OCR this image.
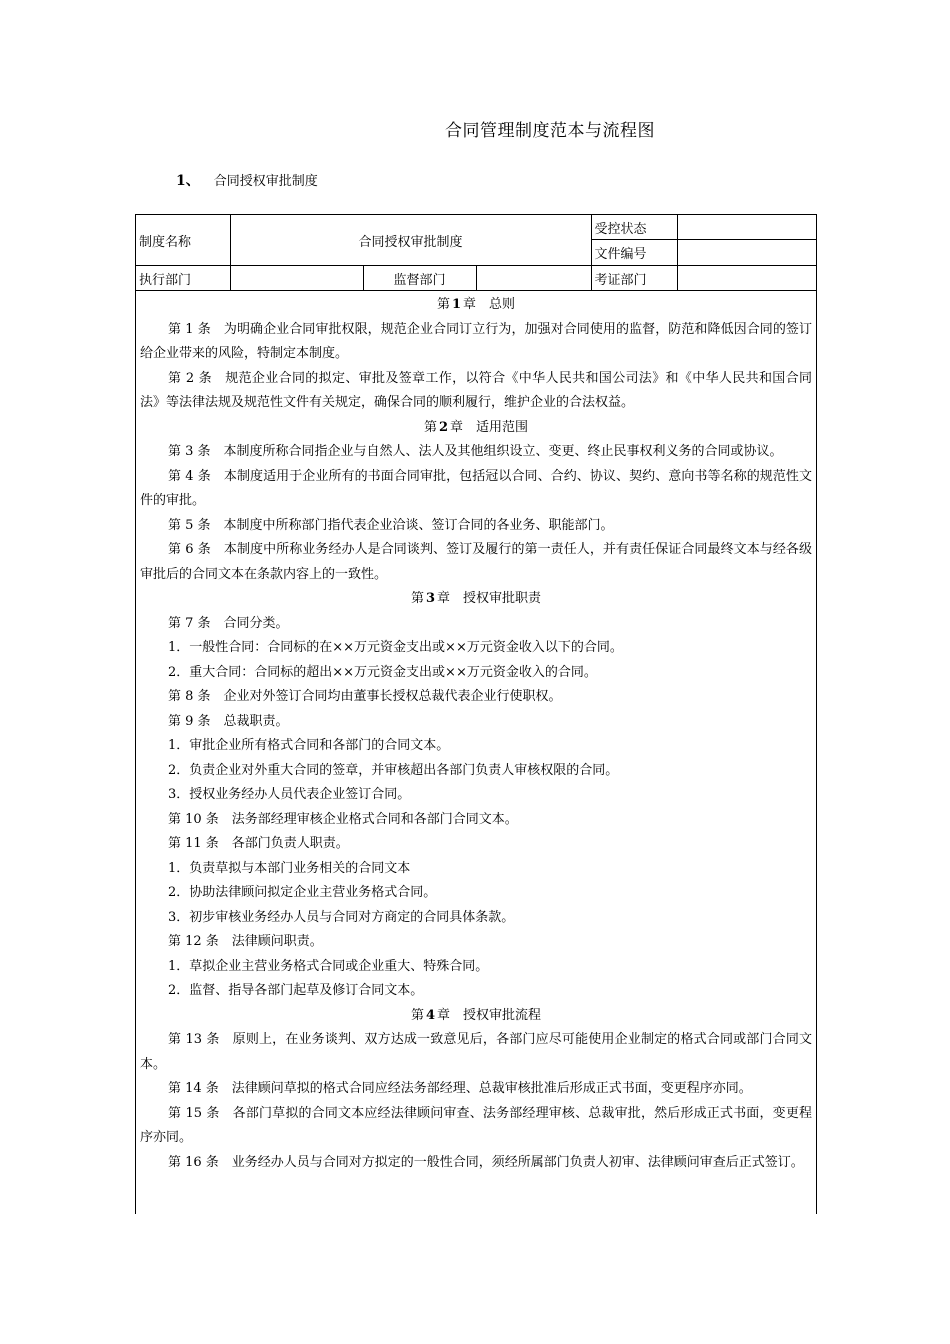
合同管理制度范本与流程图
1、 合同授权审批制度
制度名称	合同授权审批制度			受控状态	
				文件编号	
执行部门		监督部门		考证部门	
第 1 章　总则
第 1 条　为明确企业合同审批权限，规范企业合同订立行为，加强对合同使用的监督，防范和降低因合同的签订给企业带来的风险，特制定本制度。
第 2 条　规范企业合同的拟定、审批及签章工作，以符合《中华人民共和国公司法》和《中华人民共和国合同法》等法律法规及规范性文件有关规定，确保合同的顺利履行，维护企业的合法权益。
第 2 章　适用范围
第 3 条　本制度所称合同指企业与自然人、法人及其他组织设立、变更、终止民事权利义务的合同或协议。
第 4 条　本制度适用于企业所有的书面合同审批，包括冠以合同、合约、协议、契约、意向书等名称的规范性文件的审批。
第 5 条　本制度中所称部门指代表企业洽谈、签订合同的各业务、职能部门。
第 6 条　本制度中所称业务经办人是合同谈判、签订及履行的第一责任人，并有责任保证合同最终文本与经各级审批后的合同文本在条款内容上的一致性。
第 3 章　授权审批职责
第 7 条　合同分类。
1．一般性合同：合同标的在××万元资金支出或××万元资金收入以下的合同。
2．重大合同：合同标的超出××万元资金支出或××万元资金收入的合同。
第 8 条　企业对外签订合同均由董事长授权总裁代表企业行使职权。
第 9 条　总裁职责。
1．审批企业所有格式合同和各部门的合同文本。
2．负责企业对外重大合同的签章，并审核超出各部门负责人审核权限的合同。
3．授权业务经办人员代表企业签订合同。
第 10 条　法务部经理审核企业格式合同和各部门合同文本。
第 11 条　各部门负责人职责。
1．负责草拟与本部门业务相关的合同文本
2．协助法律顾问拟定企业主营业务格式合同。
3．初步审核业务经办人员与合同对方商定的合同具体条款。
第 12 条　法律顾问职责。
1．草拟企业主营业务格式合同或企业重大、特殊合同。
2．监督、指导各部门起草及修订合同文本。
第 4 章　授权审批流程
第 13 条　原则上，在业务谈判、双方达成一致意见后，各部门应尽可能使用企业制定的格式合同或部门合同文本。
第 14 条　法律顾问草拟的格式合同应经法务部经理、总裁审核批准后形成正式书面，变更程序亦同。
第 15 条　各部门草拟的合同文本应经法律顾问审查、法务部经理审核、总裁审批，然后形成正式书面，变更程序亦同。
第 16 条　业务经办人员与合同对方拟定的一般性合同，须经所属部门负责人初审、法律顾问审查后正式签订。
